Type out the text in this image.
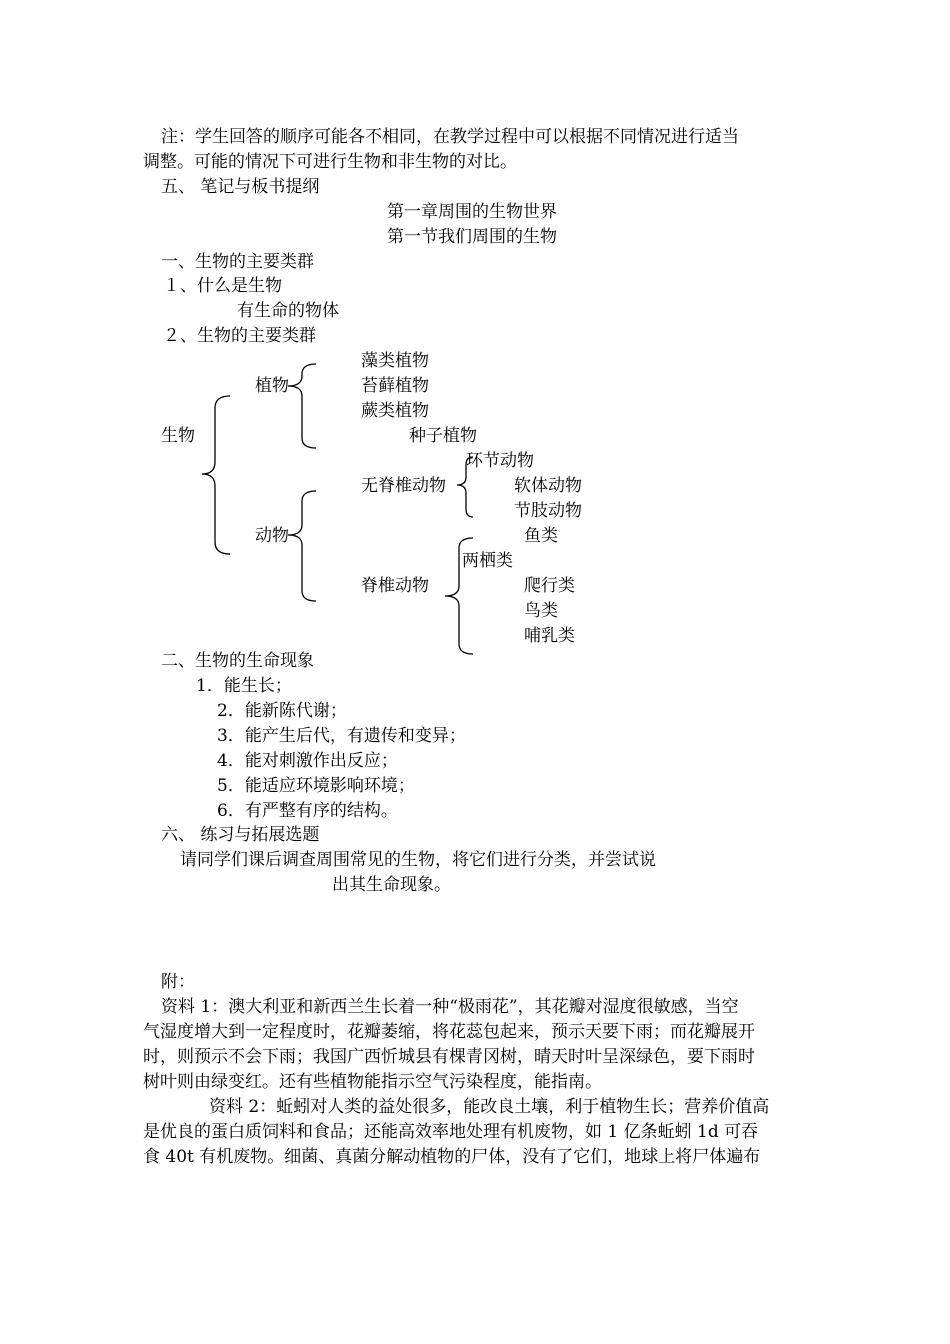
注：学生回答的顺序可能各不相同，在教学过程中可以根据不同情况进行适当
调整。可能的情况下可进行生物和非生物的对比。
五、 笔记与板书提纲
第一章周围的生物世界
第一节我们周围的生物
一、生物的主要类群
１、什么是生物
有生命的物体
２、生物的主要类群
生物
植物
藻类植物
苔藓植物
蕨类植物
种子植物
动物
无脊椎动物
环节动物
软体动物
节肢动物
脊椎动物
鱼类
两栖类
爬行类
鸟类
哺乳类
二、生物的生命现象
1．能生长；
2．能新陈代谢；
3．能产生后代，有遗传和变异；
4．能对刺激作出反应；
5．能适应环境影响环境；
6．有严整有序的结构。
六、 练习与拓展选题
请同学们课后调查周围常见的生物，将它们进行分类，并尝试说
出其生命现象。
附：
资料 1：澳大利亚和新西兰生长着一种“极雨花”，其花瓣对湿度很敏感，当空
气湿度增大到一定程度时，花瓣萎缩，将花蕊包起来，预示天要下雨；而花瓣展开
时，则预示不会下雨；我国广西忻城县有棵青冈树，晴天时叶呈深绿色，要下雨时
树叶则由绿变红。还有些植物能指示空气污染程度，能指南。
资料 2：蚯蚓对人类的益处很多，能改良土壤，利于植物生长；营养价值高
是优良的蛋白质饲料和食品；还能高效率地处理有机废物，如 1 亿条蚯蚓 1d 可吞
食 40t 有机废物。细菌、真菌分解动植物的尸体，没有了它们，地球上将尸体遍布
